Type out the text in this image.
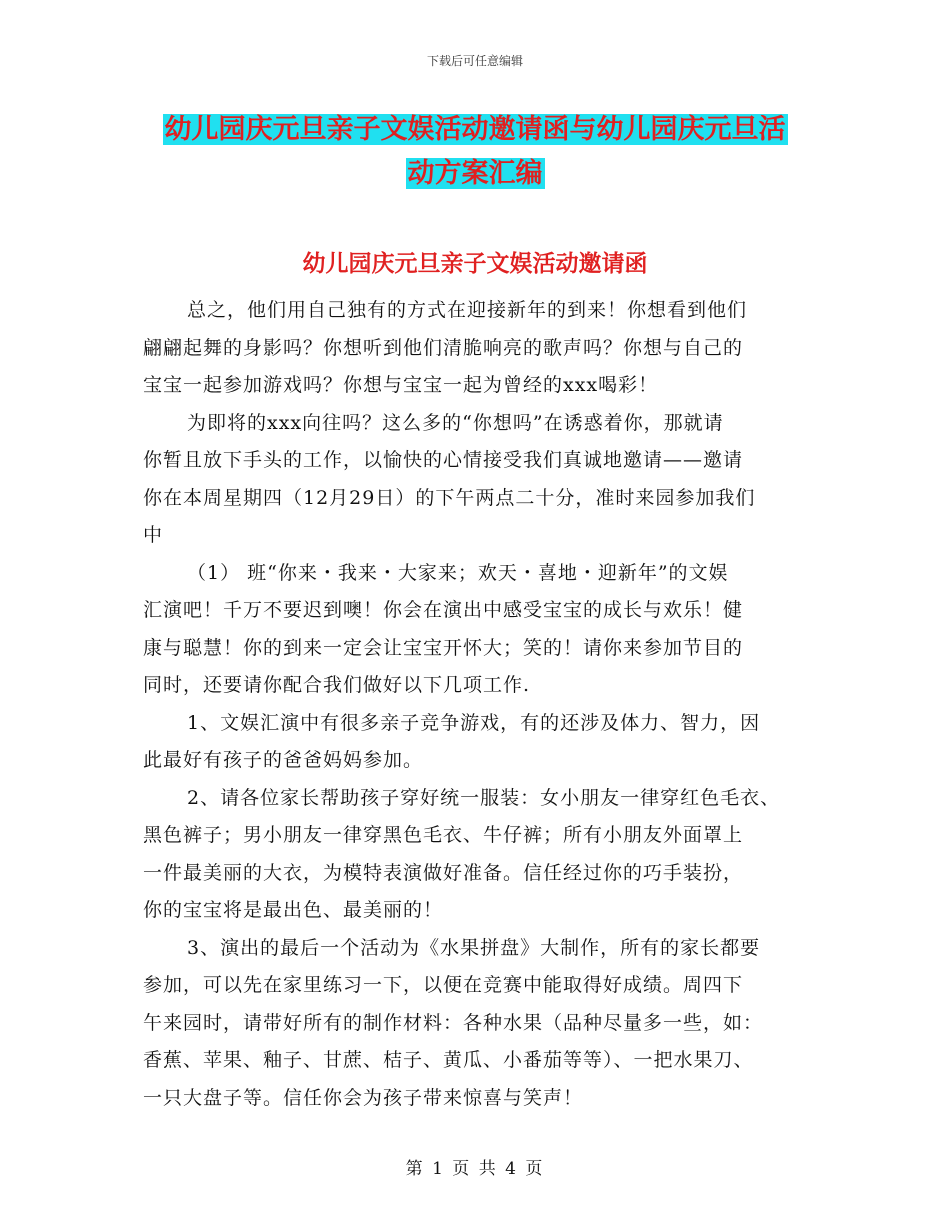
下载后可任意编辑
幼儿园庆元旦亲子文娱活动邀请函与幼儿园庆元旦活
动方案汇编
幼儿园庆元旦亲子文娱活动邀请函
总之，他们用自己独有的方式在迎接新年的到来！你想看到他们
翩翩起舞的身影吗？你想听到他们清脆响亮的歌声吗？你想与自己的
宝宝一起参加游戏吗？你想与宝宝一起为曾经的xxx喝彩！
为即将的xxx向往吗？这么多的“你想吗”在诱惑着你，那就请
你暂且放下手头的工作，以愉快的心情接受我们真诚地邀请——邀请
你在本周星期四（12月29日）的下午两点二十分，准时来园参加我们
中
（1） 班“你来・我来・大家来；欢天・喜地・迎新年”的文娱
汇演吧！千万不要迟到噢！你会在演出中感受宝宝的成长与欢乐！健
康与聪慧！你的到来一定会让宝宝开怀大；笑的！请你来参加节目的
同时，还要请你配合我们做好以下几项工作.
1、文娱汇演中有很多亲子竞争游戏，有的还涉及体力、智力，因
此最好有孩子的爸爸妈妈参加。
2、请各位家长帮助孩子穿好统一服装：女小朋友一律穿红色毛衣、
黑色裤子；男小朋友一律穿黑色毛衣、牛仔裤；所有小朋友外面罩上
一件最美丽的大衣，为模特表演做好准备。信任经过你的巧手装扮，
你的宝宝将是最出色、最美丽的！
3、演出的最后一个活动为《水果拼盘》大制作，所有的家长都要
参加，可以先在家里练习一下，以便在竞赛中能取得好成绩。周四下
午来园时，请带好所有的制作材料：各种水果（品种尽量多一些，如：
香蕉、苹果、釉子、甘蔗、桔子、黄瓜、小番茄等等）、一把水果刀、
一只大盘子等。信任你会为孩子带来惊喜与笑声！
第 1 页 共 4 页
